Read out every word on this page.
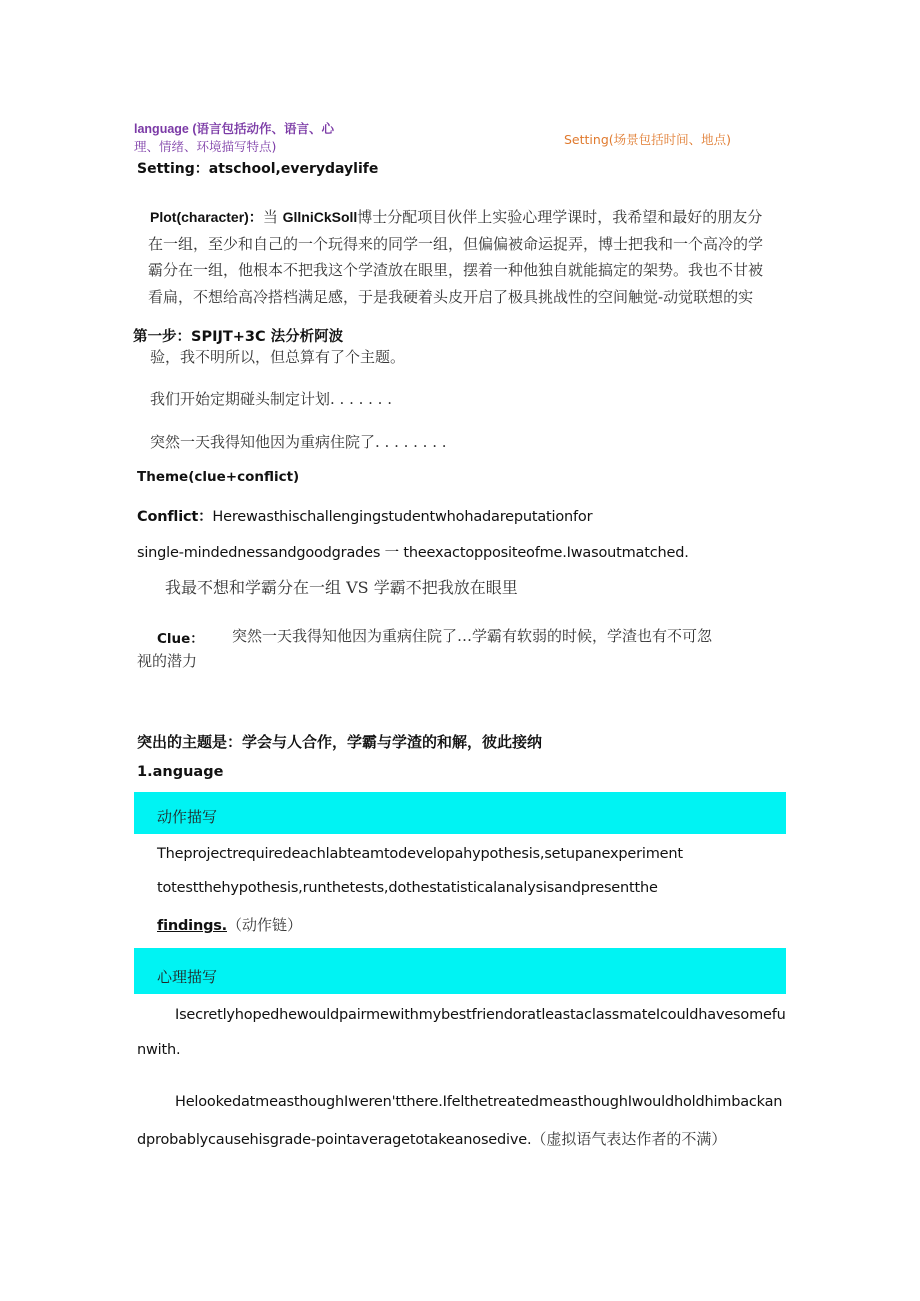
language (语言包括动作、语言、心
理、情绪、环境描写特点)	Setting(场景包括时间、地点)
Setting：atschool,everydaylife
Plot(character)：当 GllniCkSoll博士分配项目伙伴上实验心理学课时，我希望和最好的朋友分
在一组，至少和自己的一个玩得来的同学一组，但偏偏被命运捉弄，博士把我和一个高冷的学
霸分在一组，他根本不把我这个学渣放在眼里，摆着一种他独自就能搞定的架势。我也不甘被
看扁，不想给高冷搭档满足感，于是我硬着头皮开启了极具挑战性的空间触觉-动觉联想的实
第一步：SPIJT+3C 法分析阿波
验，我不明所以，但总算有了个主题。
我们开始定期碰头制定计划. . . . . . .
突然一天我得知他因为重病住院了. . . . . . . .
Theme(clue+conflict)
Conflict：Herewasthischallengingstudentwhohadareputationfor
single-mindednessandgoodgrades 一 theexactoppositeofme.Iwasoutmatched.
我最不想和学霸分在一组 VS 学霸不把我放在眼里
Clue： 突然一天我得知他因为重病住院了…学霸有软弱的时候，学渣也有不可忽
视的潜力
突出的主题是：学会与人合作，学霸与学渣的和解，彼此接纳
1.anguage
动作描写
Theprojectrequiredeachlabteamtodevelopahypothesis,setupanexperiment
totestthehypothesis,runthetests,dothestatisticalanalysisandpresentthe
findings.（动作链）
心理描写
IsecretlyhopedhewouldpairmewithmybestfriendoratleastaclassmateIcouldhavesomefu
nwith.
HelookedatmeasthoughIweren'tthere.IfelthetreatedmeasthoughIwouldholdhimbackan
dprobablycausehisgrade-pointaveragetotakeanosedive.（虚拟语气表达作者的不满）
